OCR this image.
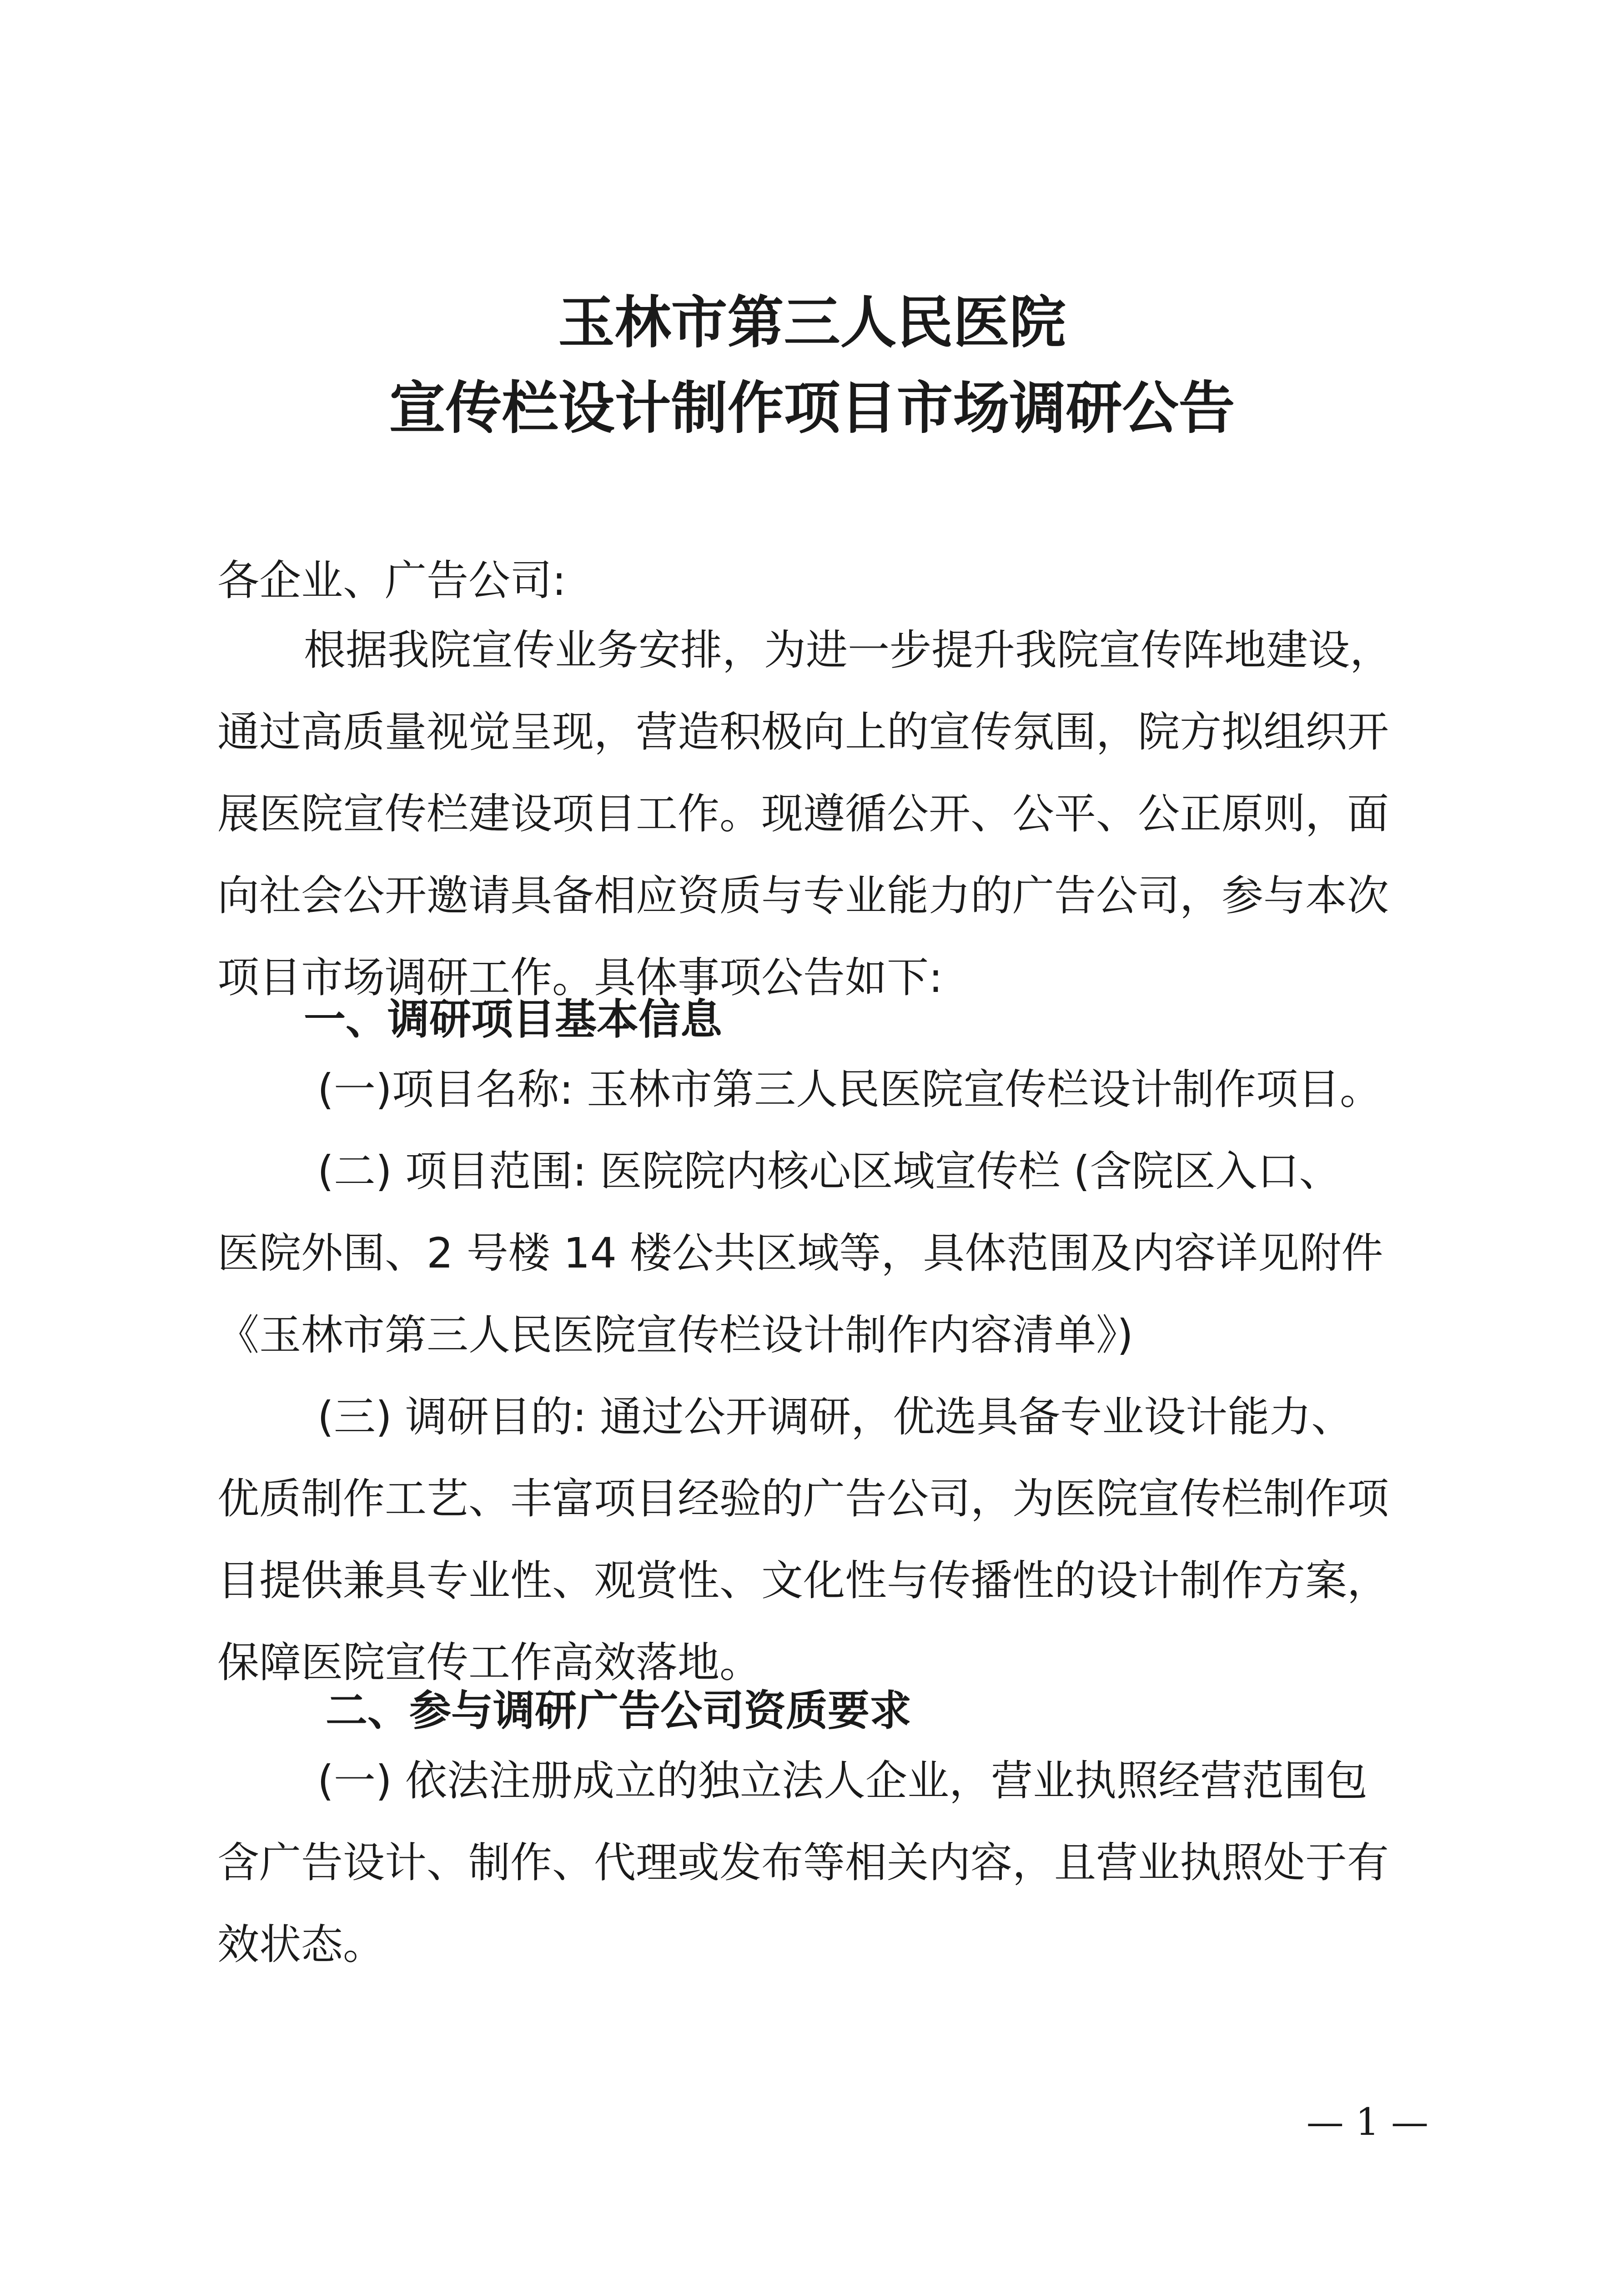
玉林市第三人民医院
宣传栏设计制作项目市场调研公告
各企业、广告公司:
根据我院宣传业务安排，为进一步提升我院宣传阵地建设，
通过高质量视觉呈现，营造积极向上的宣传氛围，院方拟组织开
展医院宣传栏建设项目工作。现遵循公开、公平、公正原则，面
向社会公开邀请具备相应资质与专业能力的广告公司，参与本次
项目市场调研工作。具体事项公告如下:
一、调研项目基本信息
(一)项目名称: 玉林市第三人民医院宣传栏设计制作项目。
(二) 项目范围: 医院院内核心区域宣传栏 (含院区入口、
医院外围、2 号楼 14 楼公共区域等，具体范围及内容详见附件
《玉林市第三人民医院宣传栏设计制作内容清单》)
(三) 调研目的: 通过公开调研，优选具备专业设计能力、
优质制作工艺、丰富项目经验的广告公司，为医院宣传栏制作项
目提供兼具专业性、观赏性、文化性与传播性的设计制作方案，
保障医院宣传工作高效落地。
二、参与调研广告公司资质要求
(一) 依法注册成立的独立法人企业，营业执照经营范围包
含广告设计、制作、代理或发布等相关内容，且营业执照处于有
效状态。
— 1 —
